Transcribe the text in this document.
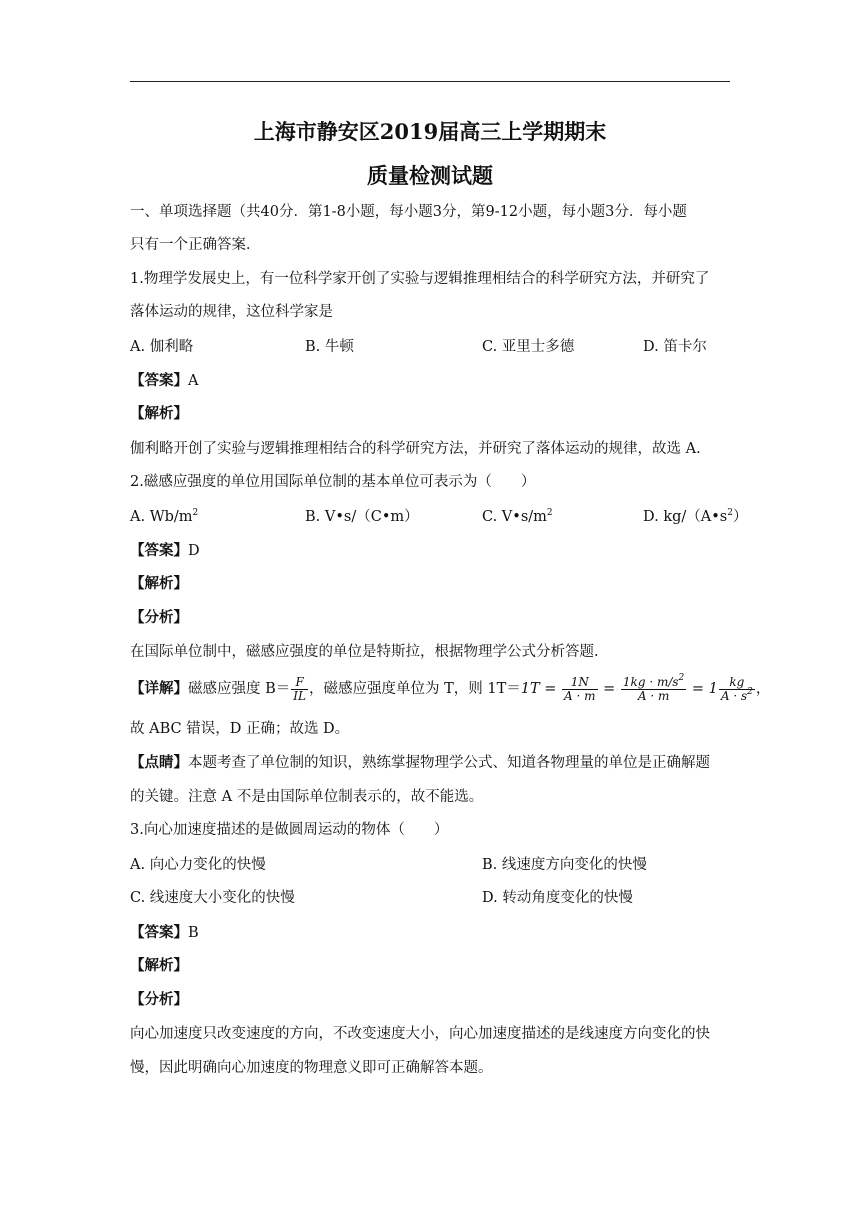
上海市静安区2019届高三上学期期末
质量检测试题
一、单项选择题（共40分．第1-8小题，每小题3分，第9-12小题，每小题3分．每小题
只有一个正确答案．
1.物理学发展史上，有一位科学家开创了实验与逻辑推理相结合的科学研究方法，并研究了
落体运动的规律，这位科学家是
A. 伽利略	B. 牛顿	C. 亚里士多德	D. 笛卡尔
【答案】A
【解析】
伽利略开创了实验与逻辑推理相结合的科学研究方法，并研究了落体运动的规律，故选 A.
2.磁感应强度的单位用国际单位制的基本单位可表示为（　　）
A. $Wb/m^2$	B. V•s/（C•m）	C. $V•s/m^2$	D. $kg/(A•s^2)$
【答案】D
【解析】
【分析】
在国际单位制中，磁感应强度的单位是特斯拉，根据物理学公式分析答题.
【详解】磁感应强度 $B= \frac{F}{IL}$ ，磁感应强度单位为 T，则 $1T=1T = \frac{1N}{A \cdot m} = \frac{1kg \cdot m/s^2}{A \cdot m} = 1 \frac{kg}{A \cdot s^2}$ ，
故 ABC 错误，D 正确；故选 D。
【点睛】本题考查了单位制的知识，熟练掌握物理学公式、知道各物理量的单位是正确解题
的关键。注意 A 不是由国际单位制表示的，故不能选。
3.向心加速度描述的是做圆周运动的物体（　　）
A. 向心力变化的快慢	B. 线速度方向变化的快慢
C. 线速度大小变化的快慢	D. 转动角度变化的快慢
【答案】B
【解析】
【分析】
向心加速度只改变速度的方向，不改变速度大小，向心加速度描述的是线速度方向变化的快
慢，因此明确向心加速度的物理意义即可正确解答本题。
